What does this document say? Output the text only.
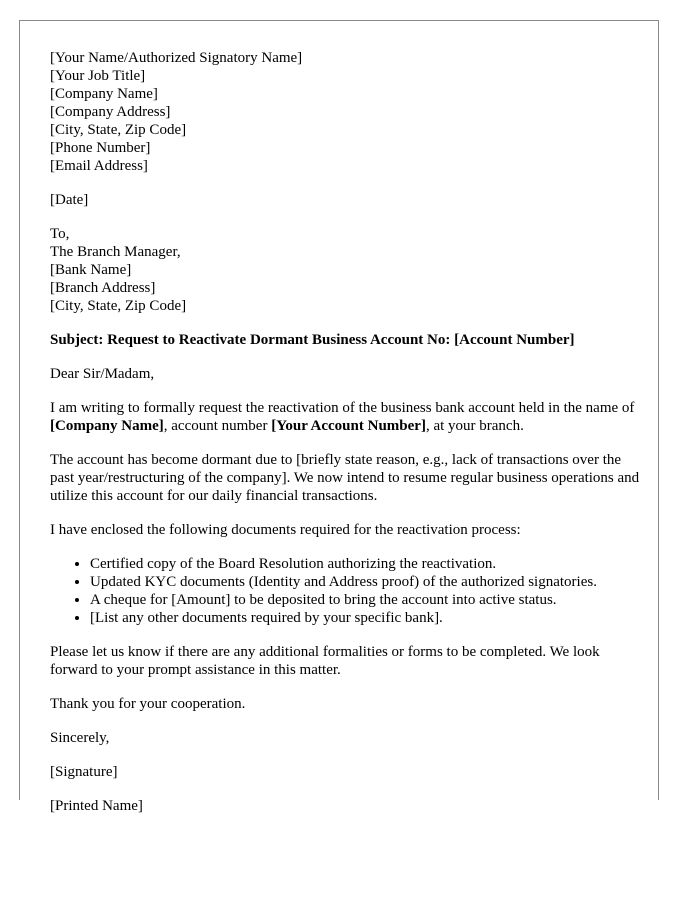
[Your Name/Authorized Signatory Name]
[Your Job Title]
[Company Name]
[Company Address]
[City, State, Zip Code]
[Phone Number]
[Email Address]

[Date]

To,
The Branch Manager,
[Bank Name]
[Branch Address]
[City, State, Zip Code]

Subject: Request to Reactivate Dormant Business Account No: [Account Number]

Dear Sir/Madam,

I am writing to formally request the reactivation of the business bank account held in the name of [Company Name], account number [Your Account Number], at your branch.

The account has become dormant due to [briefly state reason, e.g., lack of transactions over the past year/restructuring of the company]. We now intend to resume regular business operations and utilize this account for our daily financial transactions.

I have enclosed the following documents required for the reactivation process:

• Certified copy of the Board Resolution authorizing the reactivation.
• Updated KYC documents (Identity and Address proof) of the authorized signatories.
• A cheque for [Amount] to be deposited to bring the account into active status.
• [List any other documents required by your specific bank].

Please let us know if there are any additional formalities or forms to be completed. We look forward to your prompt assistance in this matter.

Thank you for your cooperation.

Sincerely,

[Signature]

[Printed Name]
